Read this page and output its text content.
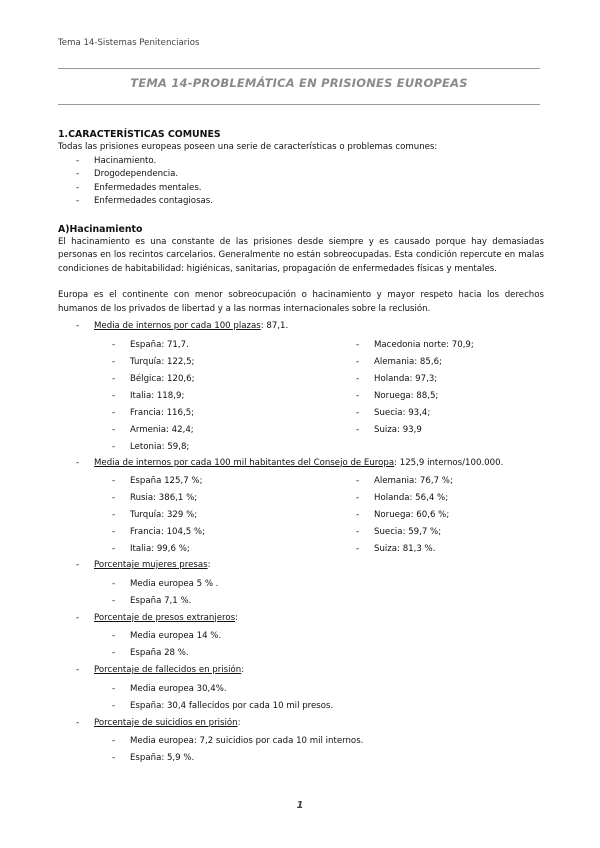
Tema 14-Sistemas Penitenciarios
TEMA 14-PROBLEMÁTICA EN PRISIONES EUROPEAS
1.CARACTERÍSTICAS COMUNES

Todas las prisiones europeas poseen una serie de características o problemas comunes:

- Hacinamiento.
- Drogodependencia.
- Enfermedades mentales.
- Enfermedades contagiosas.
A)Hacinamiento

El hacinamiento es una constante de las prisiones desde siempre y es causado porque hay demasiadas personas en los recintos carcelarios. Generalmente no están sobreocupadas. Esta condición repercute en malas condiciones de habitabilidad: higiénicas, sanitarias, propagación de enfermedades físicas y mentales.

Europa es el continente con menor sobreocupación o hacinamiento y mayor respeto hacia los derechos humanos de los privados de libertad y a las normas internacionales sobre la reclusión.

- Media de internos por cada 100 plazas: 87,1.
- España: 71,7.
- Turquía: 122,5;
- Bélgica: 120,6;
- Italia: 118,9;
- Francia: 116,5;
- Armenia: 42,4;
- Letonia: 59,8;
- Macedonia norte: 70,9;
- Alemania: 85,6;
- Holanda: 97,3;
- Noruega: 88,5;
- Suecia: 93,4;
- Suiza: 93,9
- Media de internos por cada 100 mil habitantes del Consejo de Europa: 125,9 internos/100.000.
- España 125,7 %;
- Rusia: 386,1 %;
- Turquía: 329 %;
- Francia: 104,5 %;
- Italia: 99,6 %;
- Alemania: 76,7 %;
- Holanda: 56,4 %;
- Noruega: 60,6 %;
- Suecia: 59,7 %;
- Suiza: 81,3 %.
- Porcentaje mujeres presas:
- Media europea 5 % .
- España 7,1 %.
- Porcentaje de presos extranjeros:
- Media europea 14 %.
- España 28 %.
- Porcentaje de fallecidos en prisión:
- Media europea 30,4%.
- España: 30,4 fallecidos por cada 10 mil presos.
- Porcentaje de suicidios en prisión:
- Media europea: 7,2 suicidios por cada 10 mil internos.
- España: 5,9 %.
1
